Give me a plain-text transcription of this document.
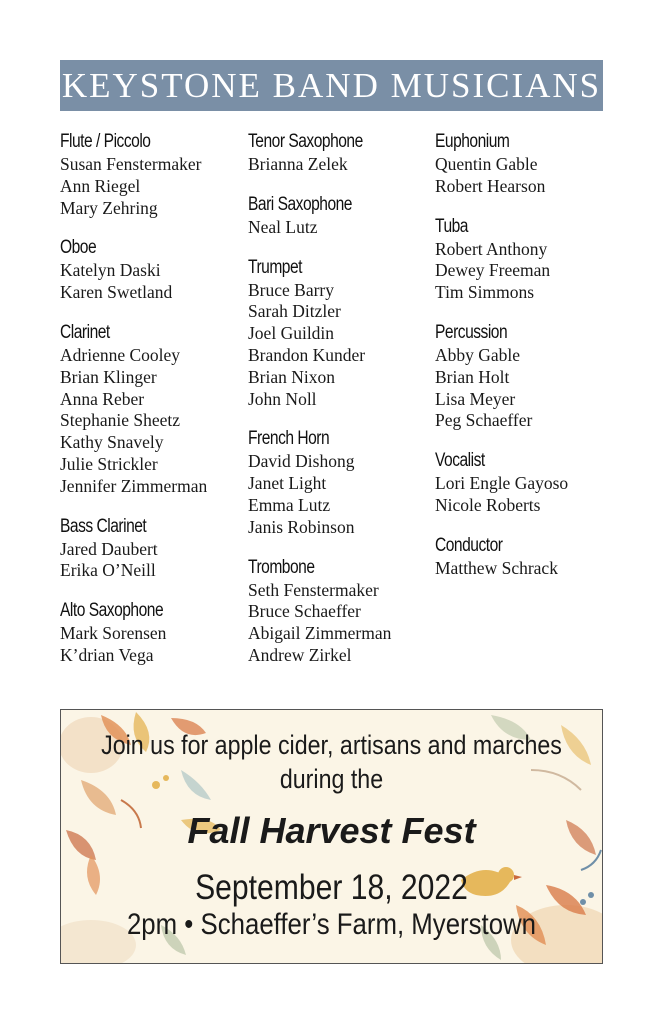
KEYSTONE BAND MUSICIANS
Flute / Piccolo
Susan Fenstermaker
Ann Riegel
Mary Zehring
Oboe
Katelyn Daski
Karen Swetland
Clarinet
Adrienne Cooley
Brian Klinger
Anna Reber
Stephanie Sheetz
Kathy Snavely
Julie Strickler
Jennifer Zimmerman
Bass Clarinet
Jared Daubert
Erika O’Neill
Alto Saxophone
Mark Sorensen
K’drian Vega
Tenor Saxophone
Brianna Zelek
Bari Saxophone
Neal Lutz
Trumpet
Bruce Barry
Sarah Ditzler
Joel Guildin
Brandon Kunder
Brian Nixon
John Noll
French Horn
David Dishong
Janet Light
Emma Lutz
Janis Robinson
Trombone
Seth Fenstermaker
Bruce Schaeffer
Abigail Zimmerman
Andrew Zirkel
Euphonium
Quentin Gable
Robert Hearson
Tuba
Robert Anthony
Dewey Freeman
Tim Simmons
Percussion
Abby Gable
Brian Holt
Lisa Meyer
Peg Schaeffer
Vocalist
Lori Engle Gayoso
Nicole Roberts
Conductor
Matthew Schrack
Join us for apple cider, artisans and marches
during the
Fall Harvest Fest
September 18, 2022
2pm • Schaeffer’s Farm, Myerstown
